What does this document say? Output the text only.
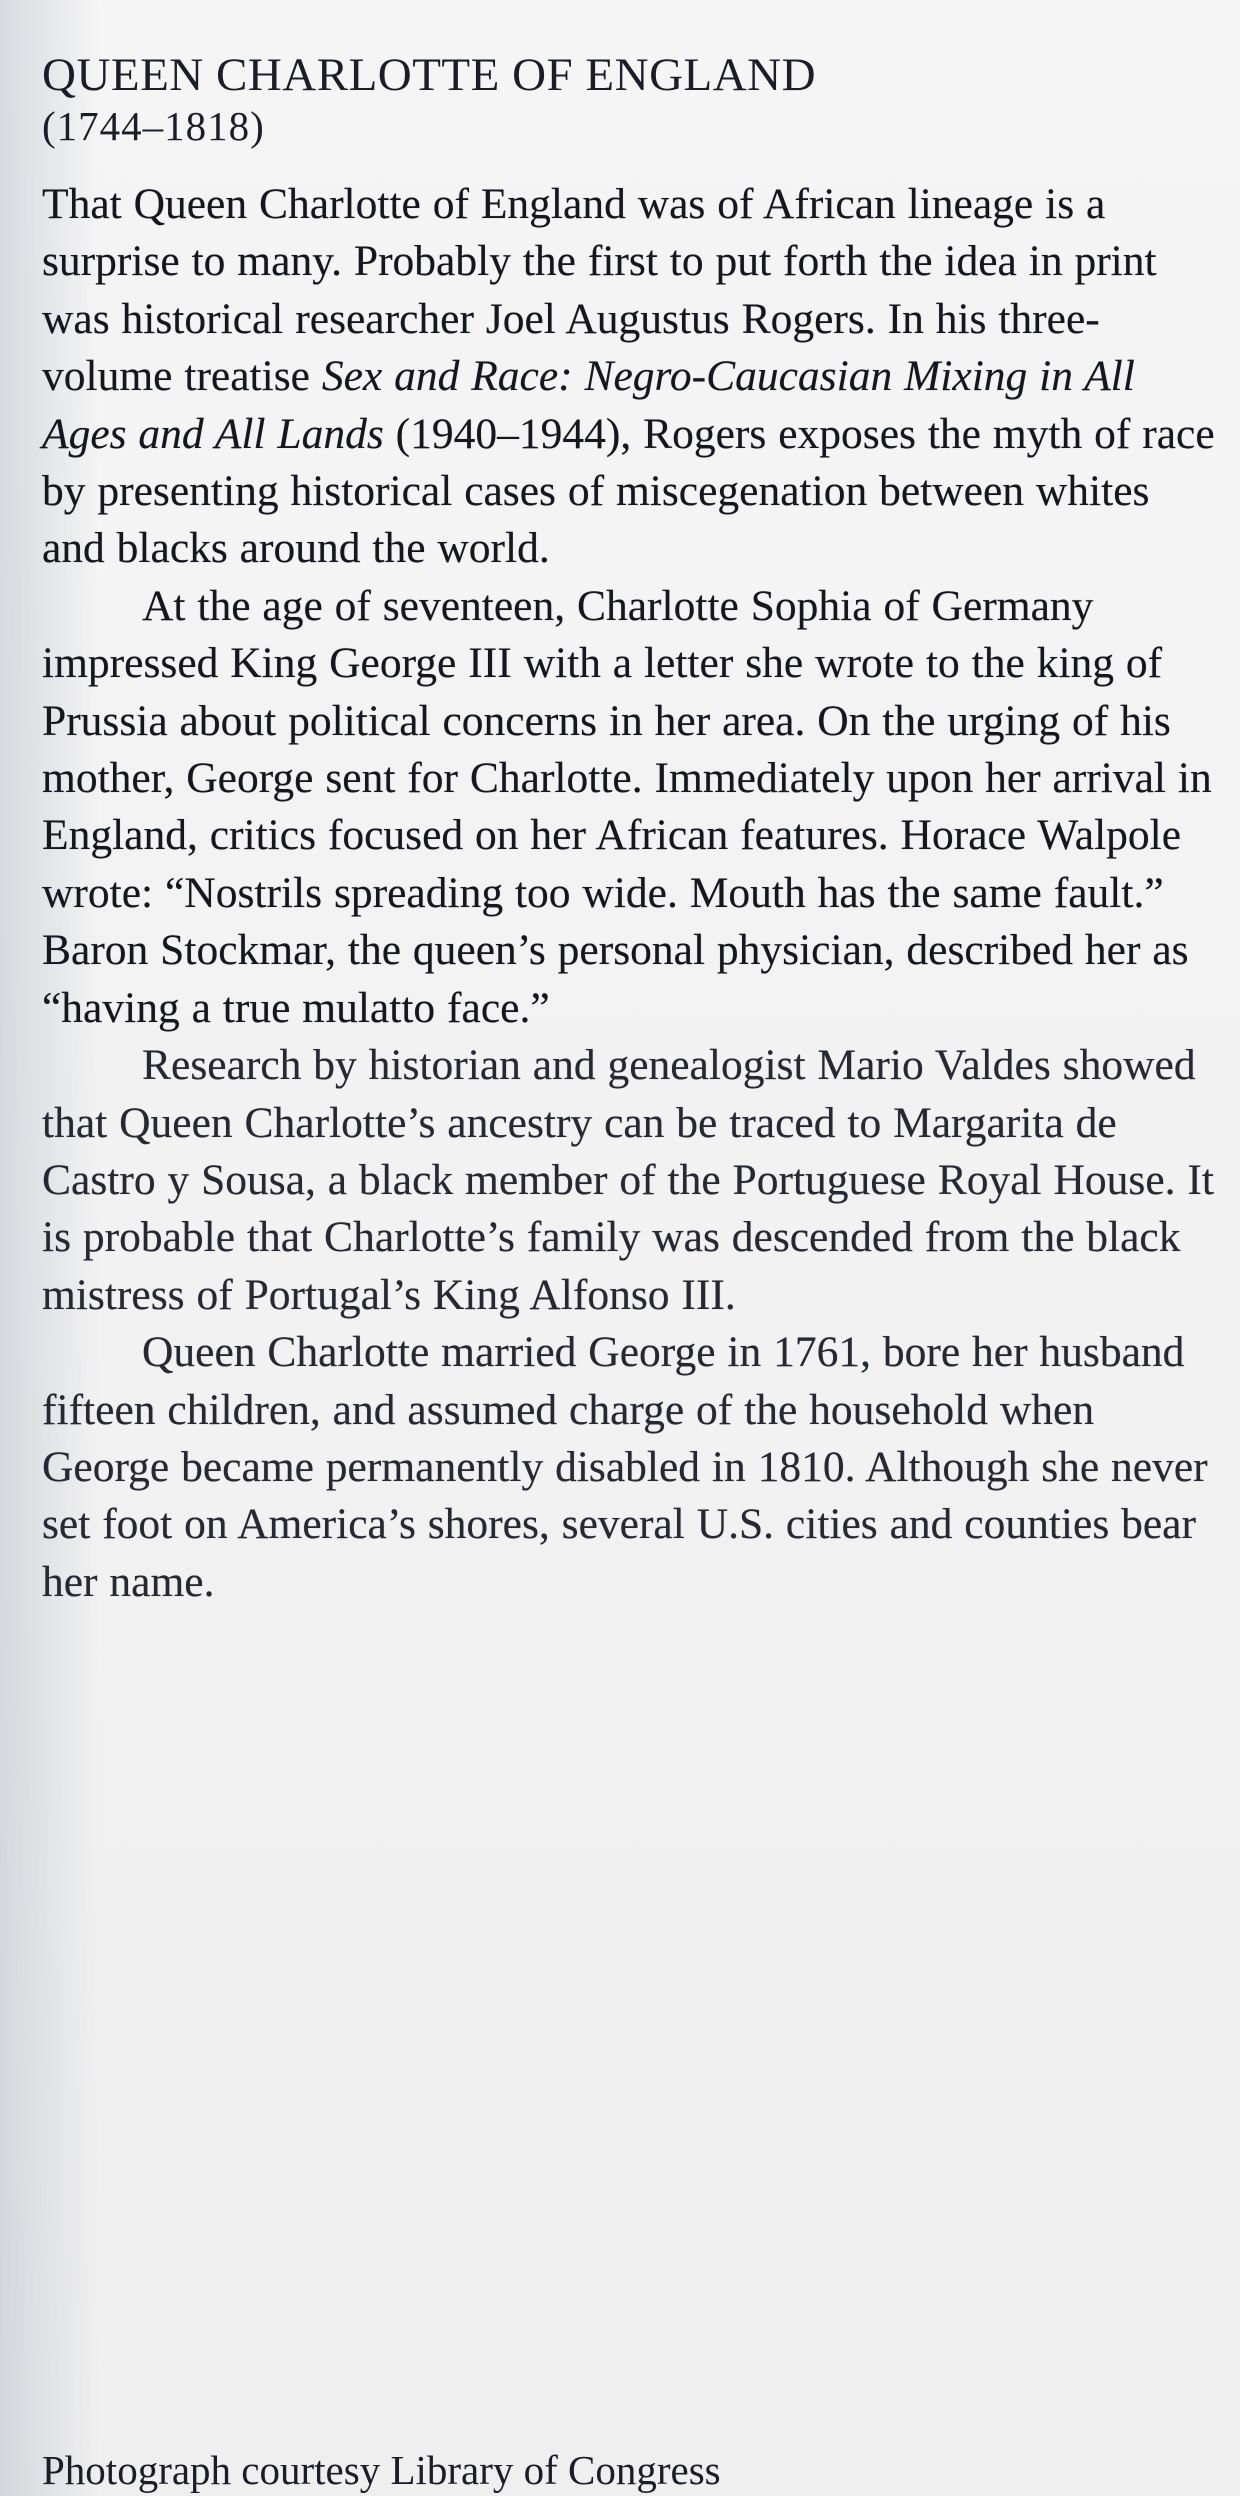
QUEEN CHARLOTTE OF ENGLAND
(1744–1818)

That Queen Charlotte of England was of African lineage is a surprise to many. Probably the first to put forth the idea in print was historical researcher Joel Augustus Rogers. In his three-volume treatise Sex and Race: Negro-Caucasian Mixing in All Ages and All Lands (1940–1944), Rogers exposes the myth of race by presenting historical cases of miscegenation between whites and blacks around the world.

At the age of seventeen, Charlotte Sophia of Germany impressed King George III with a letter she wrote to the king of Prussia about political concerns in her area. On the urging of his mother, George sent for Charlotte. Immediately upon her arrival in England, critics focused on her African features. Horace Walpole wrote: “Nostrils spreading too wide. Mouth has the same fault.” Baron Stockmar, the queen’s personal physician, described her as “having a true mulatto face.”

Research by historian and genealogist Mario Valdes showed that Queen Charlotte’s ancestry can be traced to Margarita de Castro y Sousa, a black member of the Portuguese Royal House. It is probable that Charlotte’s family was descended from the black mistress of Portugal’s King Alfonso III.

Queen Charlotte married George in 1761, bore her husband fifteen children, and assumed charge of the household when George became permanently disabled in 1810. Although she never set foot on America’s shores, several U.S. cities and counties bear her name.

Photograph courtesy Library of Congress
